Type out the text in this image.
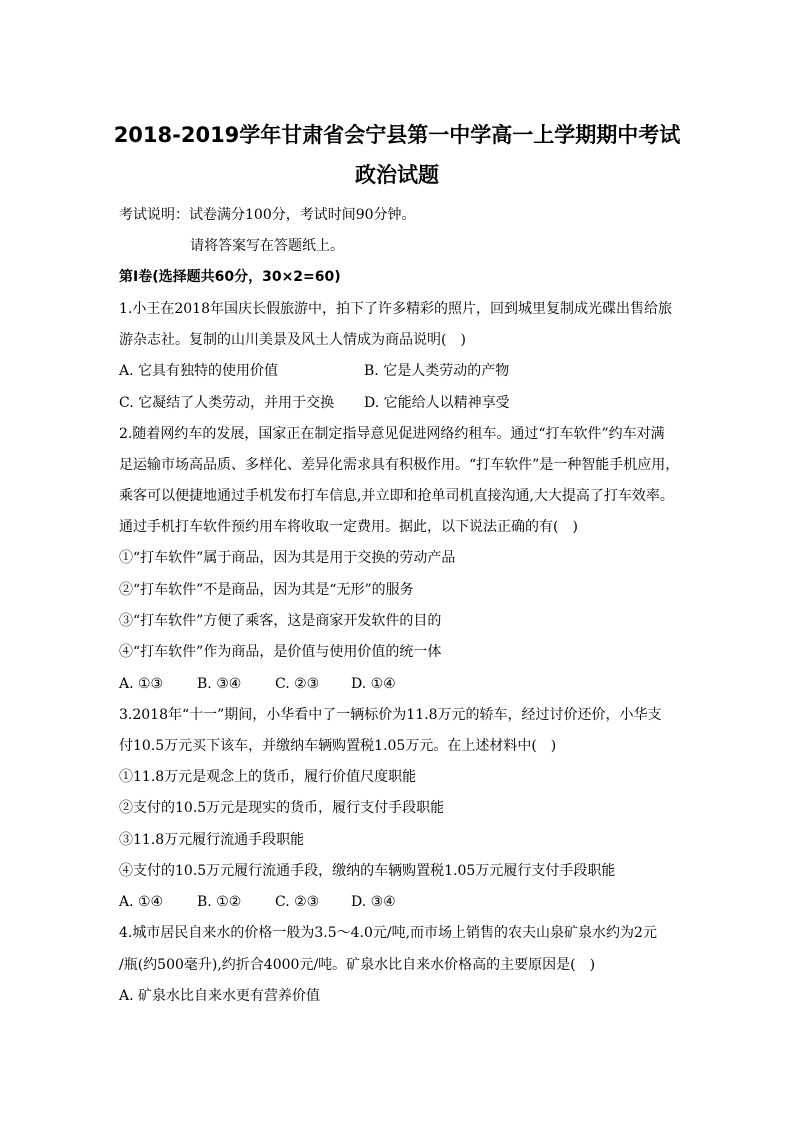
2018-2019学年甘肃省会宁县第一中学高一上学期期中考试
政治试题
考试说明：试卷满分100分，考试时间90分钟。
请将答案写在答题纸上。
第Ⅰ卷(选择题共60分，30×2=60)
1.小王在2018年国庆长假旅游中，拍下了许多精彩的照片，回到城里复制成光碟出售给旅
游杂志社。复制的山川美景及风土人情成为商品说明(　)
A. 它具有独特的使用价值	B. 它是人类劳动的产物
C. 它凝结了人类劳动，并用于交换 D. 它能给人以精神享受
2.随着网约车的发展，国家正在制定指导意见促进网络约租车。通过“打车软件”约车对满
足运输市场高品质、多样化、差异化需求具有积极作用。“打车软件”是一种智能手机应用，
乘客可以便捷地通过手机发布打车信息,并立即和抢单司机直接沟通,大大提高了打车效率。
通过手机打车软件预约用车将收取一定费用。据此，以下说法正确的有(　)
①“打车软件”属于商品，因为其是用于交换的劳动产品
②“打车软件”不是商品，因为其是“无形”的服务
③“打车软件”方便了乘客，这是商家开发软件的目的
④“打车软件”作为商品，是价值与使用价值的统一体
A. ①③ B. ③④ C. ②③ D. ①④
3.2018年“十一”期间，小华看中了一辆标价为11.8万元的轿车，经过讨价还价，小华支
付10.5万元买下该车，并缴纳车辆购置税1.05万元。在上述材料中(　)
①11.8万元是观念上的货币，履行价值尺度职能
②支付的10.5万元是现实的货币，履行支付手段职能
③11.8万元履行流通手段职能
④支付的10.5万元履行流通手段，缴纳的车辆购置税1.05万元履行支付手段职能
A. ①④ B. ①② C. ②③ D. ③④
4.城市居民自来水的价格一般为3.5～4.0元/吨,而市场上销售的农夫山泉矿泉水约为2元
/瓶(约500毫升),约折合4000元/吨。矿泉水比自来水价格高的主要原因是(　)
A. 矿泉水比自来水更有营养价值
